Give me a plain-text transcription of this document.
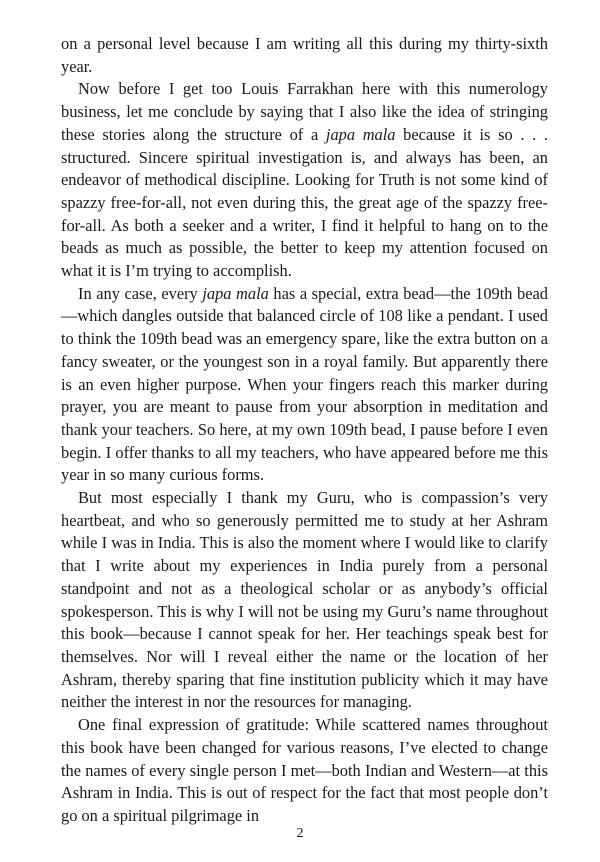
on a personal level because I am writing all this during my thirty-sixth year.

Now before I get too Louis Farrakhan here with this numerology business, let me conclude by saying that I also like the idea of stringing these stories along the structure of a japa mala because it is so . . . structured. Sincere spiritual investigation is, and always has been, an endeavor of methodical discipline. Looking for Truth is not some kind of spazzy free-for-all, not even during this, the great age of the spazzy free-for-all. As both a seeker and a writer, I find it helpful to hang on to the beads as much as possible, the better to keep my attention focused on what it is I’m trying to accomplish.

In any case, every japa mala has a special, extra bead—the 109th bead—which dangles outside that balanced circle of 108 like a pendant. I used to think the 109th bead was an emergency spare, like the extra button on a fancy sweater, or the youngest son in a royal family. But apparently there is an even higher purpose. When your fingers reach this marker during prayer, you are meant to pause from your absorption in meditation and thank your teachers. So here, at my own 109th bead, I pause before I even begin. I offer thanks to all my teachers, who have appeared before me this year in so many curious forms.

But most especially I thank my Guru, who is compassion’s very heartbeat, and who so generously permitted me to study at her Ashram while I was in India. This is also the moment where I would like to clarify that I write about my experiences in India purely from a personal standpoint and not as a theological scholar or as anybody’s official spokesperson. This is why I will not be using my Guru’s name throughout this book—because I cannot speak for her. Her teachings speak best for themselves. Nor will I reveal either the name or the location of her Ashram, thereby sparing that fine institution publicity which it may have neither the interest in nor the resources for managing.

One final expression of gratitude: While scattered names throughout this book have been changed for various reasons, I’ve elected to change the names of every single person I met—both Indian and Western—at this Ashram in India. This is out of respect for the fact that most people don’t go on a spiritual pilgrimage in

2
